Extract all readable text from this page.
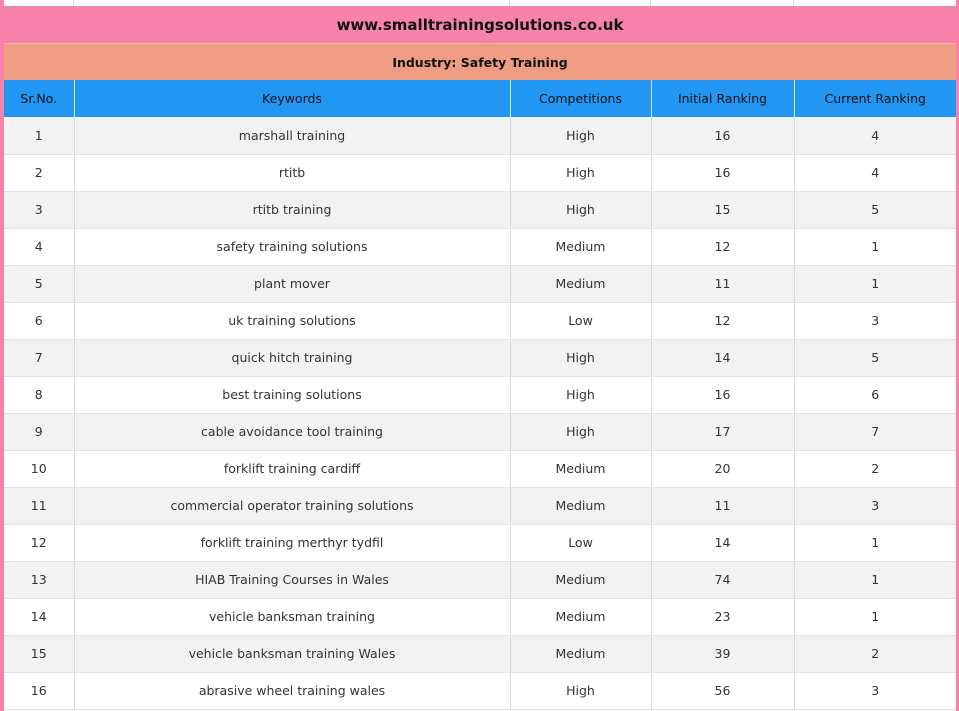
www.smalltrainingsolutions.co.uk
Industry: Safety Training
Sr.No.	Keywords	Competitions	Initial Ranking	Current Ranking
1	marshall training	High	16	4
2	rtitb	High	16	4
3	rtitb training	High	15	5
4	safety training solutions	Medium	12	1
5	plant mover	Medium	11	1
6	uk training solutions	Low	12	3
7	quick hitch training	High	14	5
8	best training solutions	High	16	6
9	cable avoidance tool training	High	17	7
10	forklift training cardiff	Medium	20	2
11	commercial operator training solutions	Medium	11	3
12	forklift training merthyr tydfil	Low	14	1
13	HIAB Training Courses in Wales	Medium	74	1
14	vehicle banksman training	Medium	23	1
15	vehicle banksman training Wales	Medium	39	2
16	abrasive wheel training wales	High	56	3
